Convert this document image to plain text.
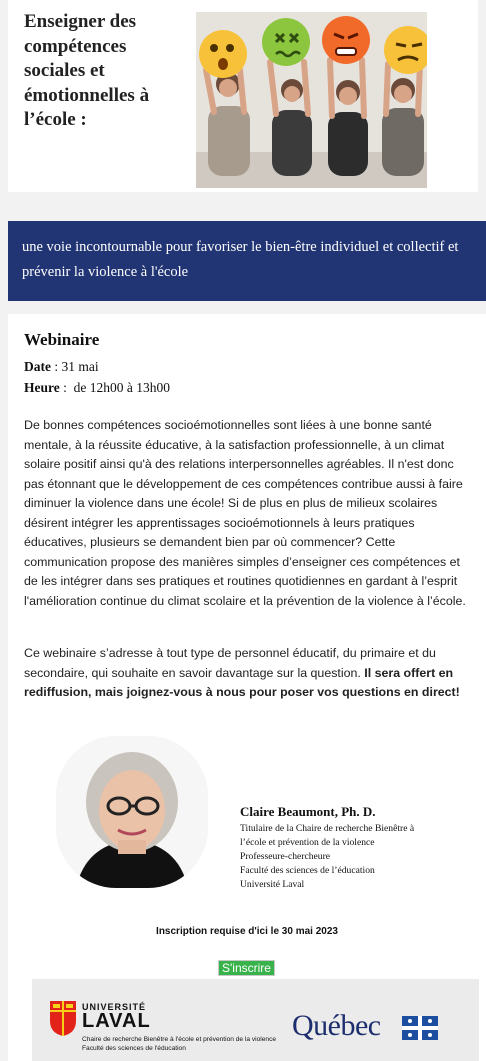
Enseigner des compétences sociales et émotionnelles à l’école :

une voie incontournable pour favoriser le bien-être individuel et collectif et prévenir la violence à l'école

Webinaire

Date : 31 mai

Heure :  de 12h00 à 13h00

De bonnes compétences socioémotionnelles sont liées à une bonne santé mentale, à la réussite éducative, à la satisfaction professionnelle, à un climat solaire positif ainsi qu'à des relations interpersonnelles agréables. Il n'est donc pas étonnant que le développement de ces compétences contribue aussi à faire diminuer la violence dans une école! Si de plus en plus de milieux scolaires désirent intégrer les apprentissages socioémotionnels à leurs pratiques éducatives, plusieurs se demandent bien par où commencer? Cette communication propose des manières simples d’enseigner ces compétences et de les intégrer dans ses pratiques et routines quotidiennes en gardant à l’esprit l'amélioration continue du climat scolaire et la prévention de la violence à l’école.

Ce webinaire s’adresse à tout type de personnel éducatif, du primaire et du secondaire, qui souhaite en savoir davantage sur la question. Il sera offert en rediffusion, mais joignez-vous à nous pour poser vos questions en direct!

Claire Beaumont, Ph. D.

Titulaire de la Chaire de recherche Bienêtre à
l’école et prévention de la violence
Professeure-chercheure
Faculté des sciences de l’éducation
Université Laval

Inscription requise d'ici le 30 mai 2023

S'inscrire

UNIVERSITÉ

LAVAL

Chaire de recherche Bienêtre à l'école et prévention de la violence

Faculté des sciences de l'éducation

Québec
